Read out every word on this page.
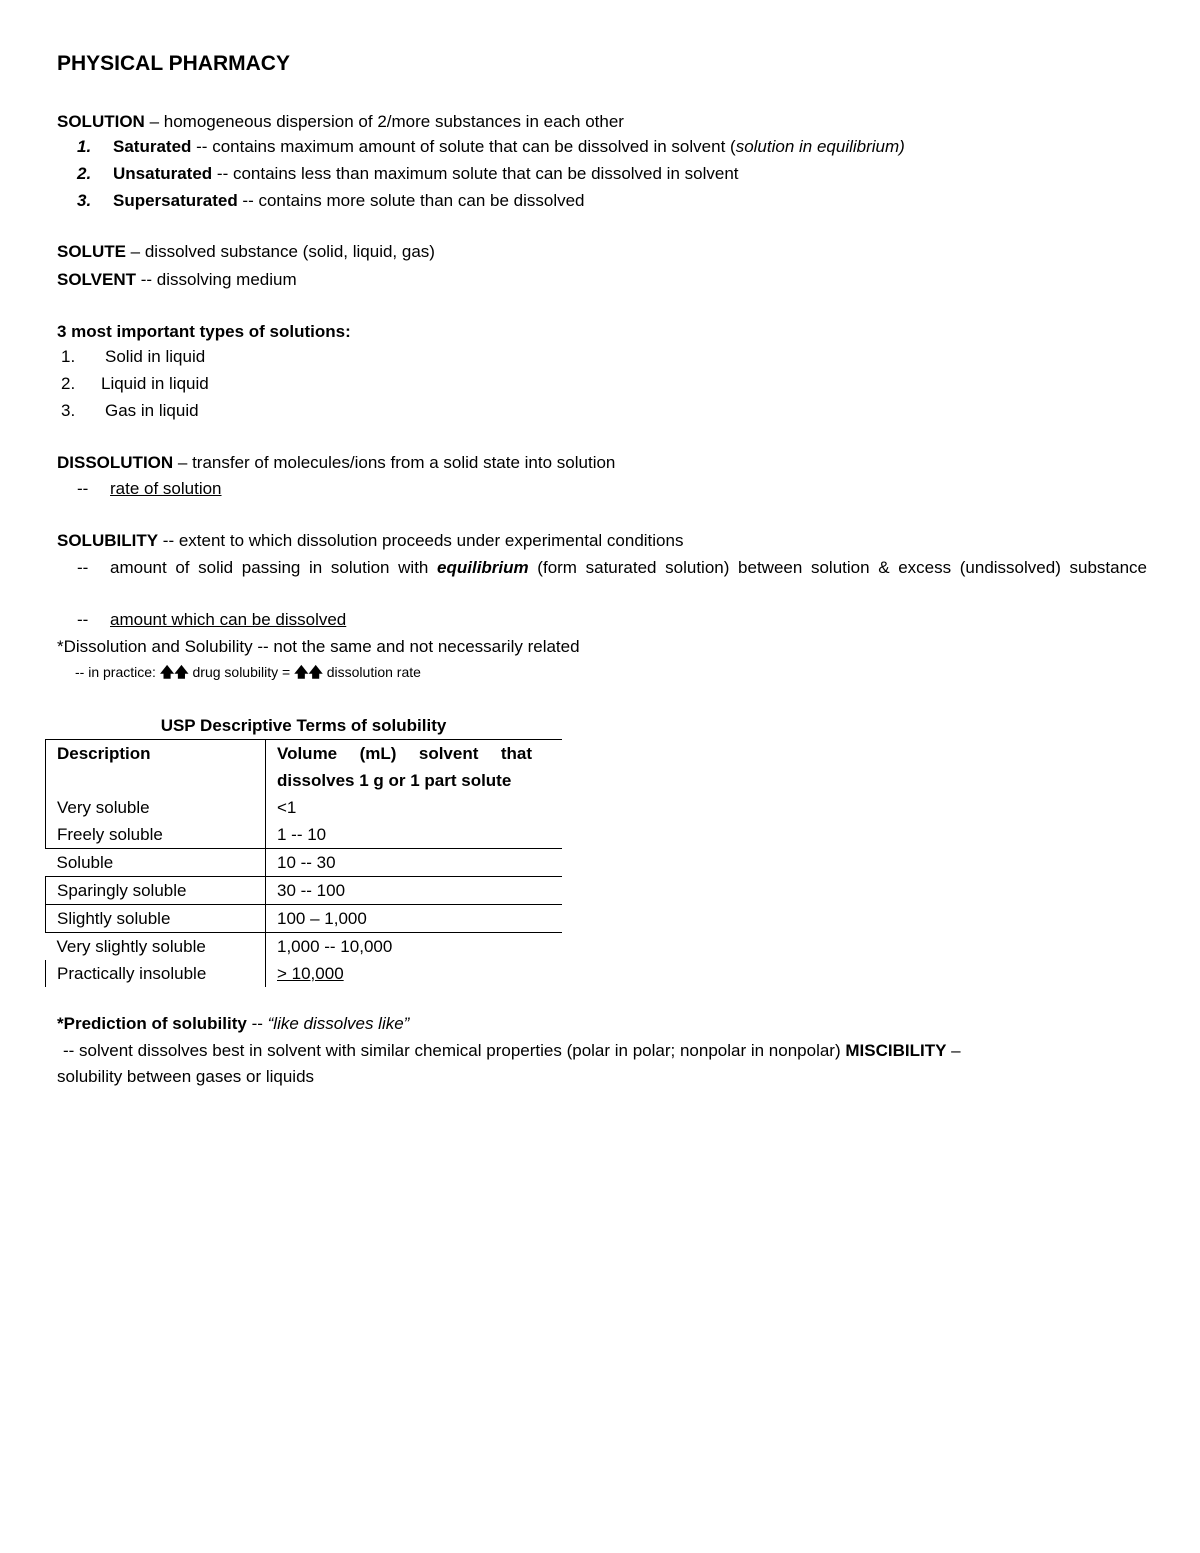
PHYSICAL PHARMACY
SOLUTION – homogeneous dispersion of 2/more substances in each other
1. Saturated -- contains maximum amount of solute that can be dissolved in solvent (solution in equilibrium)
2. Unsaturated -- contains less than maximum solute that can be dissolved in solvent
3. Supersaturated -- contains more solute than can be dissolved
SOLUTE – dissolved substance (solid, liquid, gas)
SOLVENT -- dissolving medium
3 most important types of solutions:
1. Solid in liquid
2. Liquid in liquid
3. Gas in liquid
DISSOLUTION – transfer of molecules/ions from a solid state into solution
-- rate of solution
SOLUBILITY -- extent to which dissolution proceeds under experimental conditions
-- amount of solid passing in solution with equilibrium (form saturated solution) between solution & excess (undissolved) substance
-- amount which can be dissolved
*Dissolution and Solubility -- not the same and not necessarily related
-- in practice: 🡅🡅 drug solubility = 🡅🡅 dissolution rate
USP Descriptive Terms of solubility
Description	Volume (mL) solvent that dissolves 1 g or 1 part solute
Very soluble	<1
Freely soluble	1 -- 10
Soluble	10 -- 30
Sparingly soluble	30 -- 100
Slightly soluble	100 – 1,000
Very slightly soluble	1,000 -- 10,000
Practically insoluble	> 10,000
*Prediction of solubility -- “like dissolves like”
-- solvent dissolves best in solvent with similar chemical properties (polar in polar; nonpolar in nonpolar) MISCIBILITY –
solubility between gases or liquids
